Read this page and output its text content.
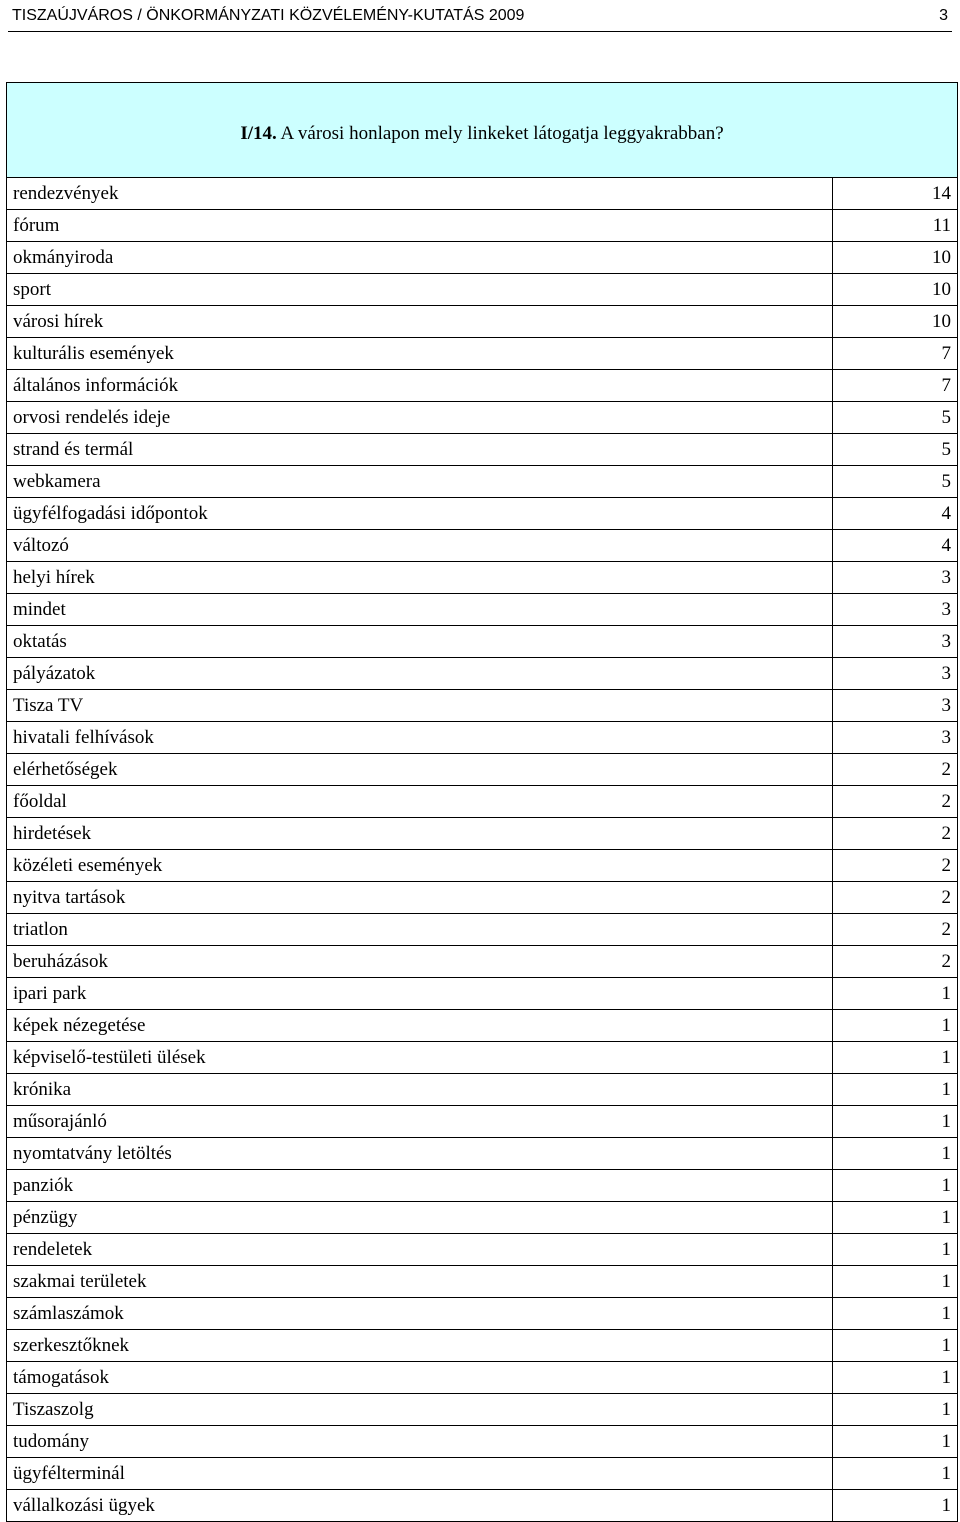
TISZAÚJVÁROS / ÖNKORMÁNYZATI KÖZVÉLEMÉNY-KUTATÁS 2009	3
I/14. A városi honlapon mely linkeket látogatja leggyakrabban?	
rendezvények	14
fórum	11
okmányiroda	10
sport	10
városi hírek	10
kulturális események	7
általános információk	7
orvosi rendelés ideje	5
strand és termál	5
webkamera	5
ügyfélfogadási időpontok	4
változó	4
helyi hírek	3
mindet	3
oktatás	3
pályázatok	3
Tisza TV	3
hivatali felhívások	3
elérhetőségek	2
főoldal	2
hirdetések	2
közéleti események	2
nyitva tartások	2
triatlon	2
beruházások	2
ipari park	1
képek nézegetése	1
képviselő-testületi ülések	1
krónika	1
műsorajánló	1
nyomtatvány letöltés	1
panziók	1
pénzügy	1
rendeletek	1
szakmai területek	1
számlaszámok	1
szerkesztőknek	1
támogatások	1
Tiszaszolg	1
tudomány	1
ügyfélterminál	1
vállalkozási ügyek	1
